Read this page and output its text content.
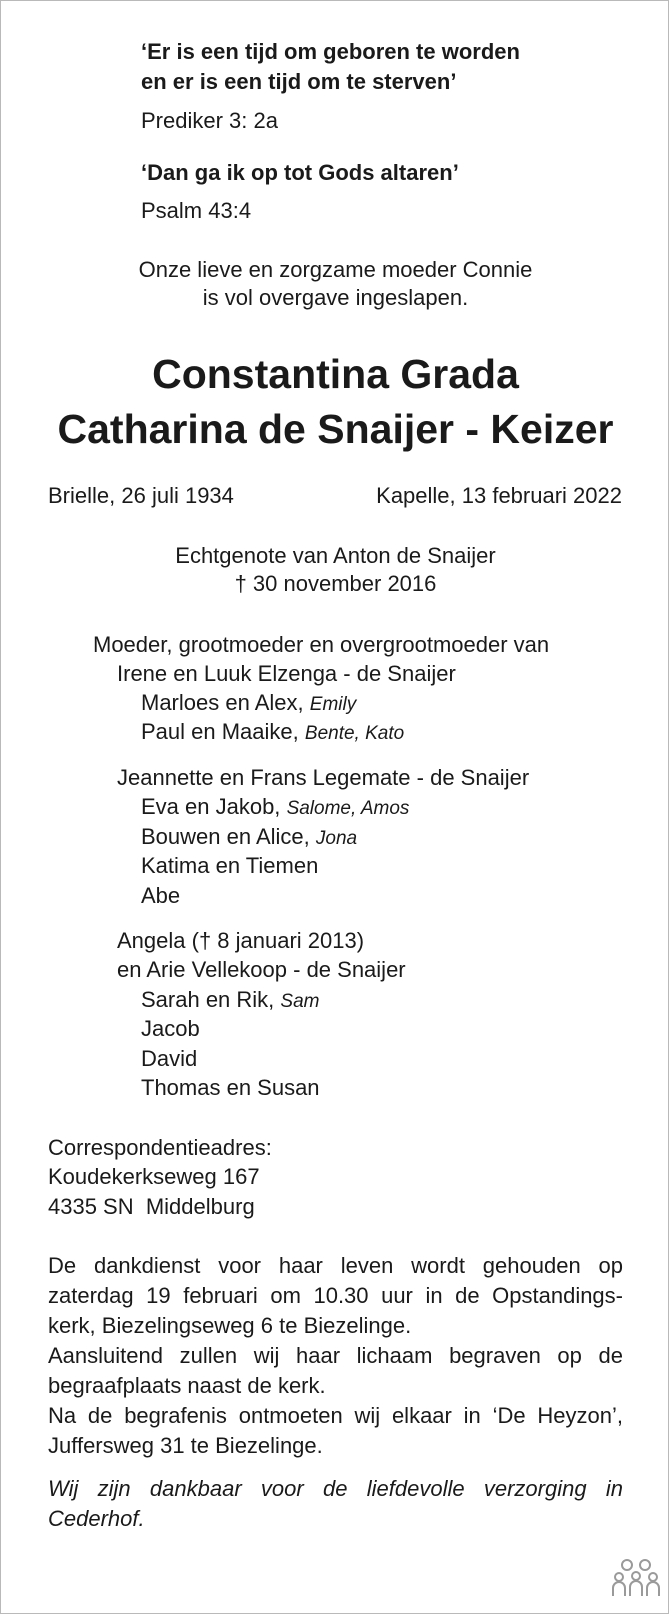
‘Er is een tijd om geboren te worden
en er is een tijd om te sterven’
Prediker 3: 2a
‘Dan ga ik op tot Gods altaren’
Psalm 43:4
Onze lieve en zorgzame moeder Connie
is vol overgave ingeslapen.
Constantina Grada
Catharina de Snaijer - Keizer
Brielle, 26 juli 1934	Kapelle, 13 februari 2022
Echtgenote van Anton de Snaijer
† 30 november 2016
Moeder, grootmoeder en overgrootmoeder van
Irene en Luuk Elzenga - de Snaijer
Marloes en Alex, Emily
Paul en Maaike, Bente, Kato
Jeannette en Frans Legemate - de Snaijer
Eva en Jakob, Salome, Amos
Bouwen en Alice, Jona
Katima en Tiemen
Abe
Angela († 8 januari 2013)
en Arie Vellekoop - de Snaijer
Sarah en Rik, Sam
Jacob
David
Thomas en Susan
Correspondentieadres:
Koudekerkseweg 167
4335 SN  Middelburg
De dankdienst voor haar leven wordt gehouden op
zaterdag 19 februari om 10.30 uur in de Opstandings-
kerk, Biezelingseweg 6 te Biezelinge.
Aansluitend zullen wij haar lichaam begraven op de
begraafplaats naast de kerk.
Na de begrafenis ontmoeten wij elkaar in ‘De Heyzon’,
Juffersweg 31 te Biezelinge.
Wij zijn dankbaar voor de liefdevolle verzorging in
Cederhof.
